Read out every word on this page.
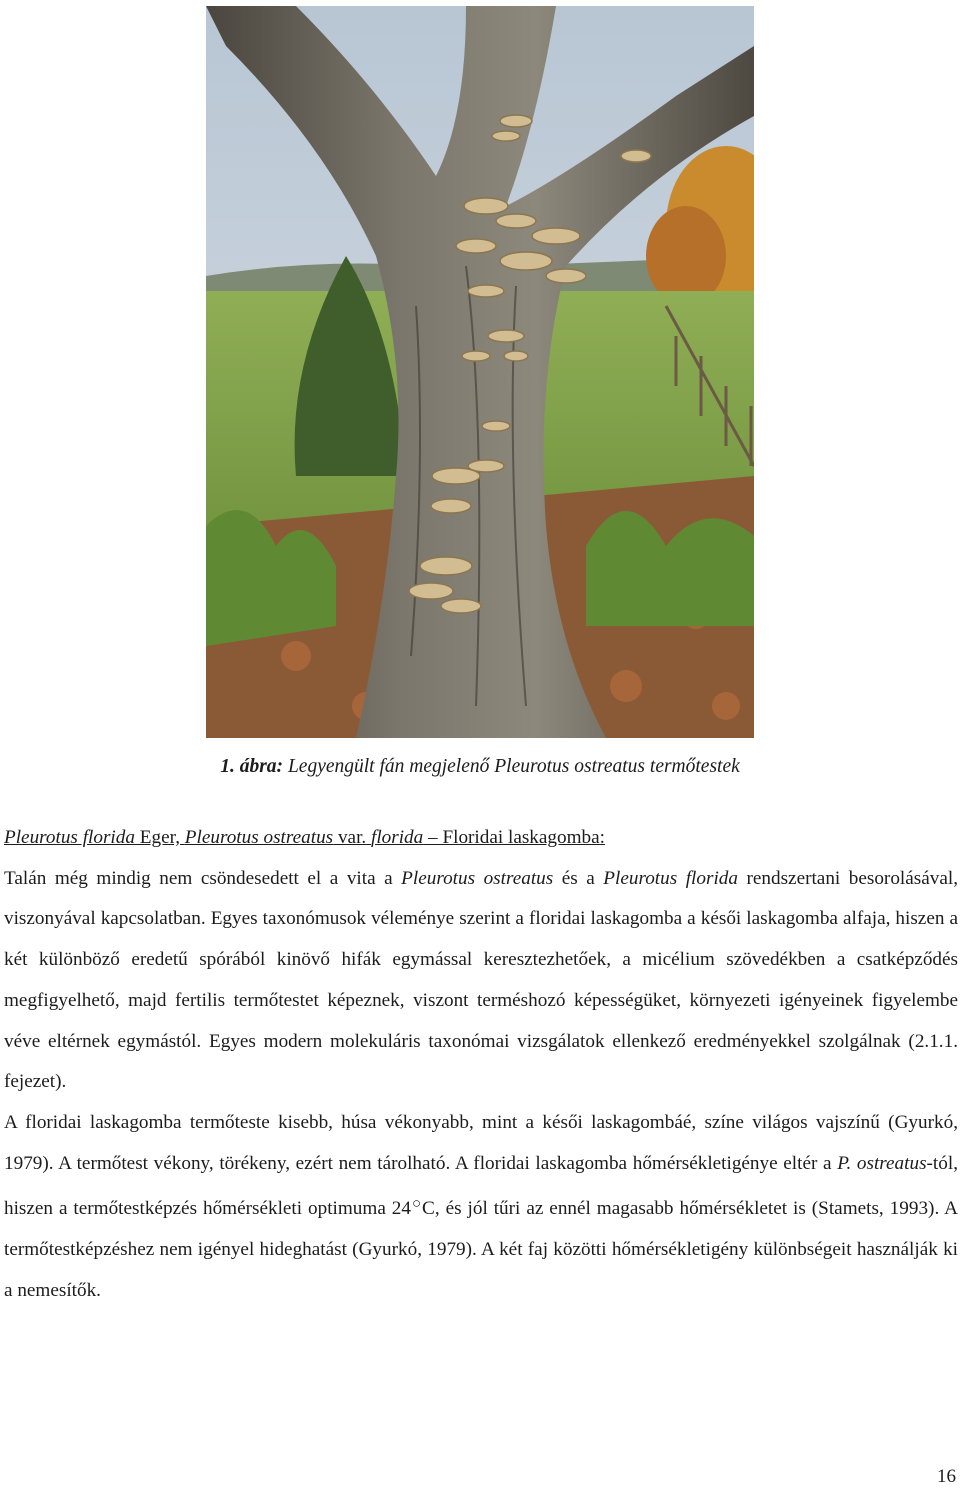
1. ábra: Legyengült fán megjelenő Pleurotus ostreatus termőtestek

Pleurotus florida Eger, Pleurotus ostreatus var. florida – Floridai laskagomba:

Talán még mindig nem csöndesedett el a vita a Pleurotus ostreatus és a Pleurotus florida rendszertani besorolásával, viszonyával kapcsolatban. Egyes taxonómusok véleménye szerint a floridai laskagomba a késői laskagomba alfaja, hiszen a két különböző eredetű spórából kinövő hifák egymással keresztezhetőek, a micélium szövedékben a csatképződés megfigyelhető, majd fertilis termőtestet képeznek, viszont terméshozó képességüket, környezeti igényeinek figyelembe véve eltérnek egymástól. Egyes modern molekuláris taxonómai vizsgálatok ellenkező eredményekkel szolgálnak (2.1.1. fejezet).

A floridai laskagomba termőteste kisebb, húsa vékonyabb, mint a késői laskagombáé, színe világos vajszínű (Gyurkó, 1979). A termőtest vékony, törékeny, ezért nem tárolható. A floridai laskagomba hőmérsékletigénye eltér a P. ostreatus-tól, hiszen a termőtestképzés hőmérsékleti optimuma 24○C, és jól tűri az ennél magasabb hőmérsékletet is (Stamets, 1993). A termőtestképzéshez nem igényel hideghatást (Gyurkó, 1979). A két faj közötti hőmérsékletigény különbségeit használják ki a nemesítők.

16
